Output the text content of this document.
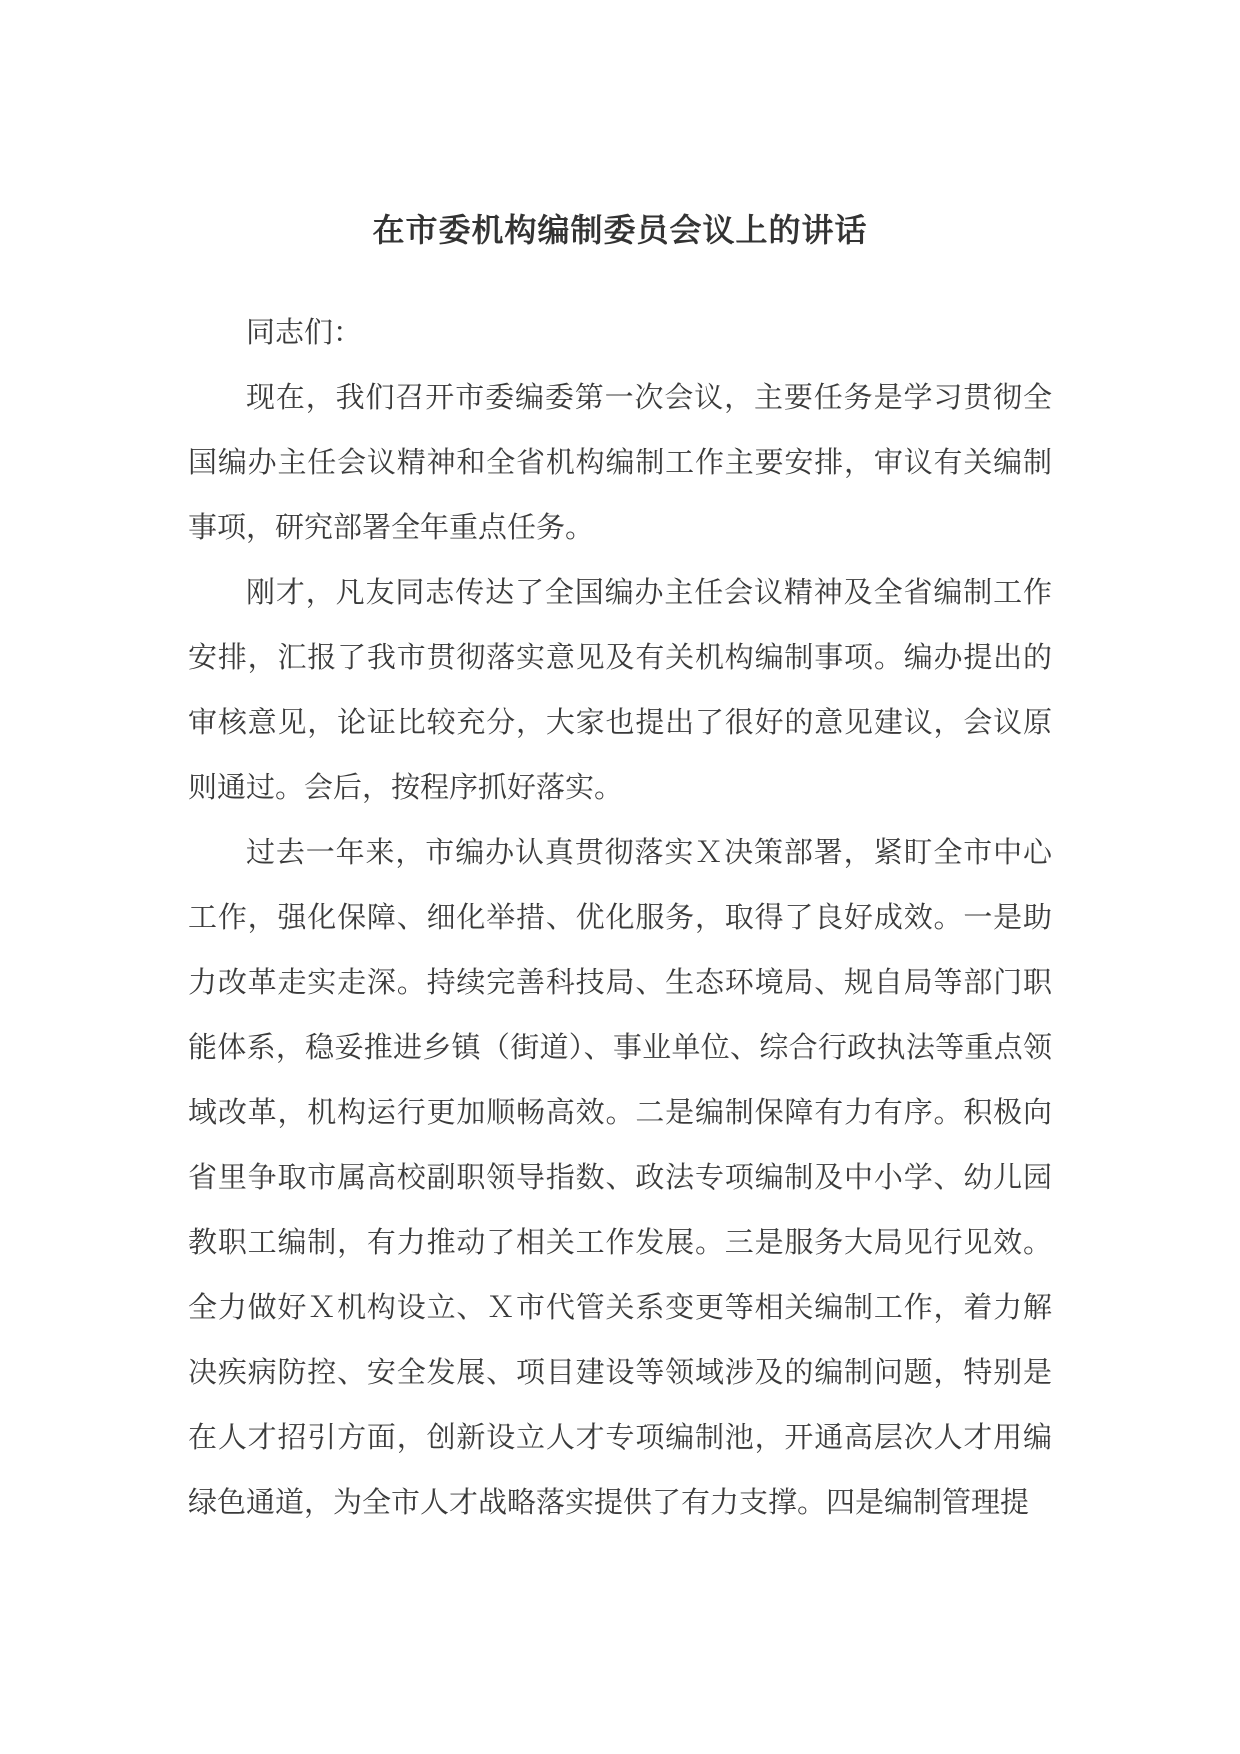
在市委机构编制委员会议上的讲话

同志们：

现在，我们召开市委编委第一次会议，主要任务是学习贯彻全国编办主任会议精神和全省机构编制工作主要安排，审议有关编制事项，研究部署全年重点任务。

刚才，凡友同志传达了全国编办主任会议精神及全省编制工作安排，汇报了我市贯彻落实意见及有关机构编制事项。编办提出的审核意见，论证比较充分，大家也提出了很好的意见建议，会议原则通过。会后，按程序抓好落实。

过去一年来，市编办认真贯彻落实Ｘ决策部署，紧盯全市中心工作，强化保障、细化举措、优化服务，取得了良好成效。一是助力改革走实走深。持续完善科技局、生态环境局、规自局等部门职能体系，稳妥推进乡镇（街道）、事业单位、综合行政执法等重点领域改革，机构运行更加顺畅高效。二是编制保障有力有序。积极向省里争取市属高校副职领导指数、政法专项编制及中小学、幼儿园教职工编制，有力推动了相关工作发展。三是服务大局见行见效。全力做好Ｘ机构设立、Ｘ市代管关系变更等相关编制工作，着力解决疾病防控、安全发展、项目建设等领域涉及的编制问题，特别是在人才招引方面，创新设立人才专项编制池，开通高层次人才用编绿色通道，为全市人才战略落实提供了有力支撑。四是编制管理提
